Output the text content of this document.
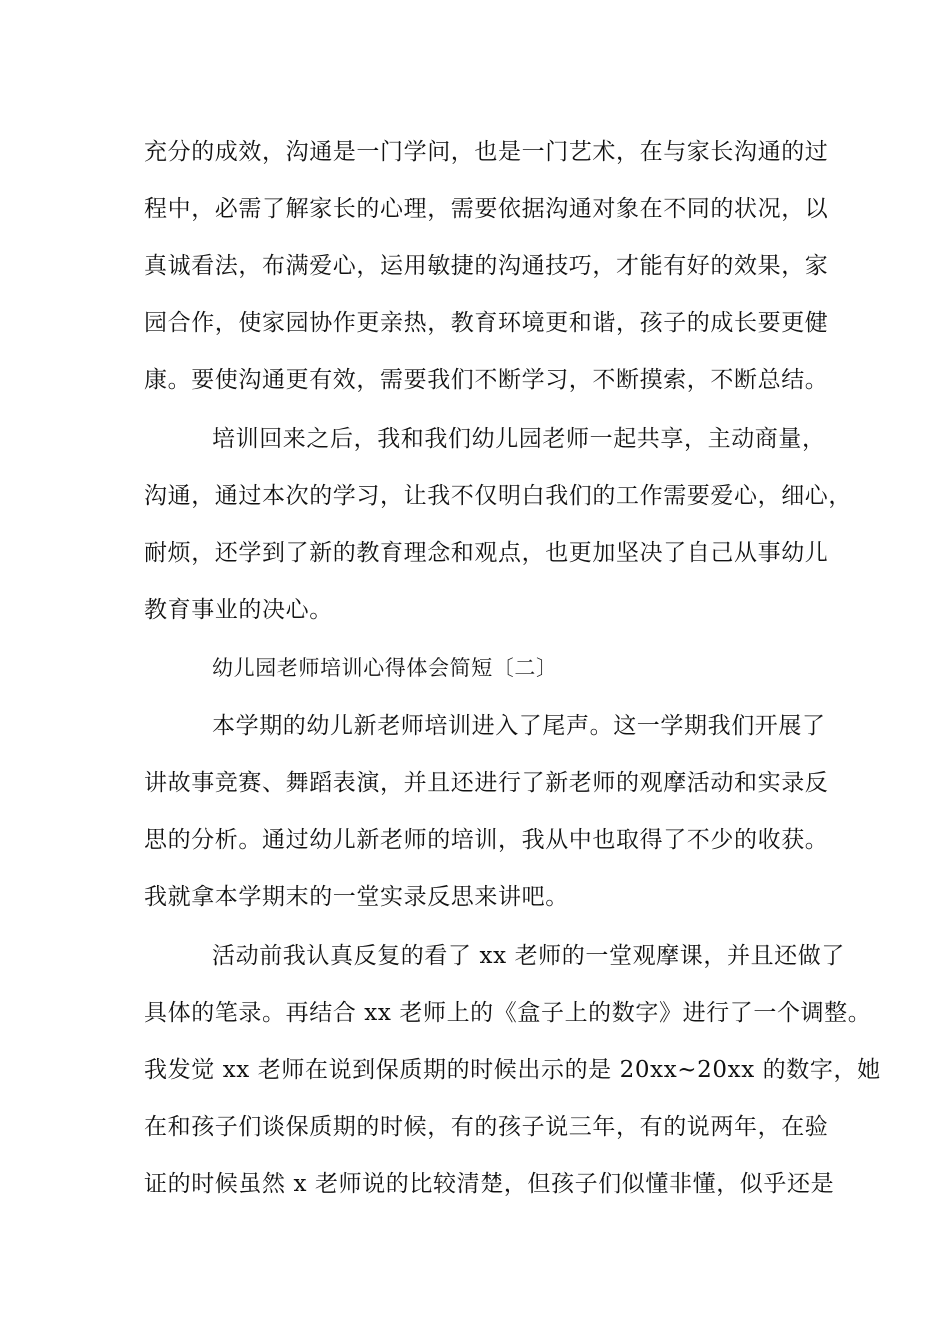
充分的成效，沟通是一门学问，也是一门艺术，在与家长沟通的过
程中，必需了解家长的心理，需要依据沟通对象在不同的状况，以
真诚看法，布满爱心，运用敏捷的沟通技巧，才能有好的效果，家
园合作，使家园协作更亲热，教育环境更和谐，孩子的成长要更健
康。要使沟通更有效，需要我们不断学习，不断摸索，不断总结。
培训回来之后，我和我们幼儿园老师一起共享，主动商量，
沟通，通过本次的学习，让我不仅明白我们的工作需要爱心，细心，
耐烦，还学到了新的教育理念和观点，也更加坚决了自己从事幼儿
教育事业的决心。
幼儿园老师培训心得体会简短〔二〕
本学期的幼儿新老师培训进入了尾声。这一学期我们开展了
讲故事竞赛、舞蹈表演，并且还进行了新老师的观摩活动和实录反
思的分析。通过幼儿新老师的培训，我从中也取得了不少的收获。
我就拿本学期末的一堂实录反思来讲吧。
活动前我认真反复的看了 xx 老师的一堂观摩课，并且还做了
具体的笔录。再结合 xx 老师上的《盒子上的数字》进行了一个调整。
我发觉 xx 老师在说到保质期的时候出示的是 20xx~20xx 的数字，她
在和孩子们谈保质期的时候，有的孩子说三年，有的说两年，在验
证的时候虽然 x 老师说的比较清楚，但孩子们似懂非懂，似乎还是
